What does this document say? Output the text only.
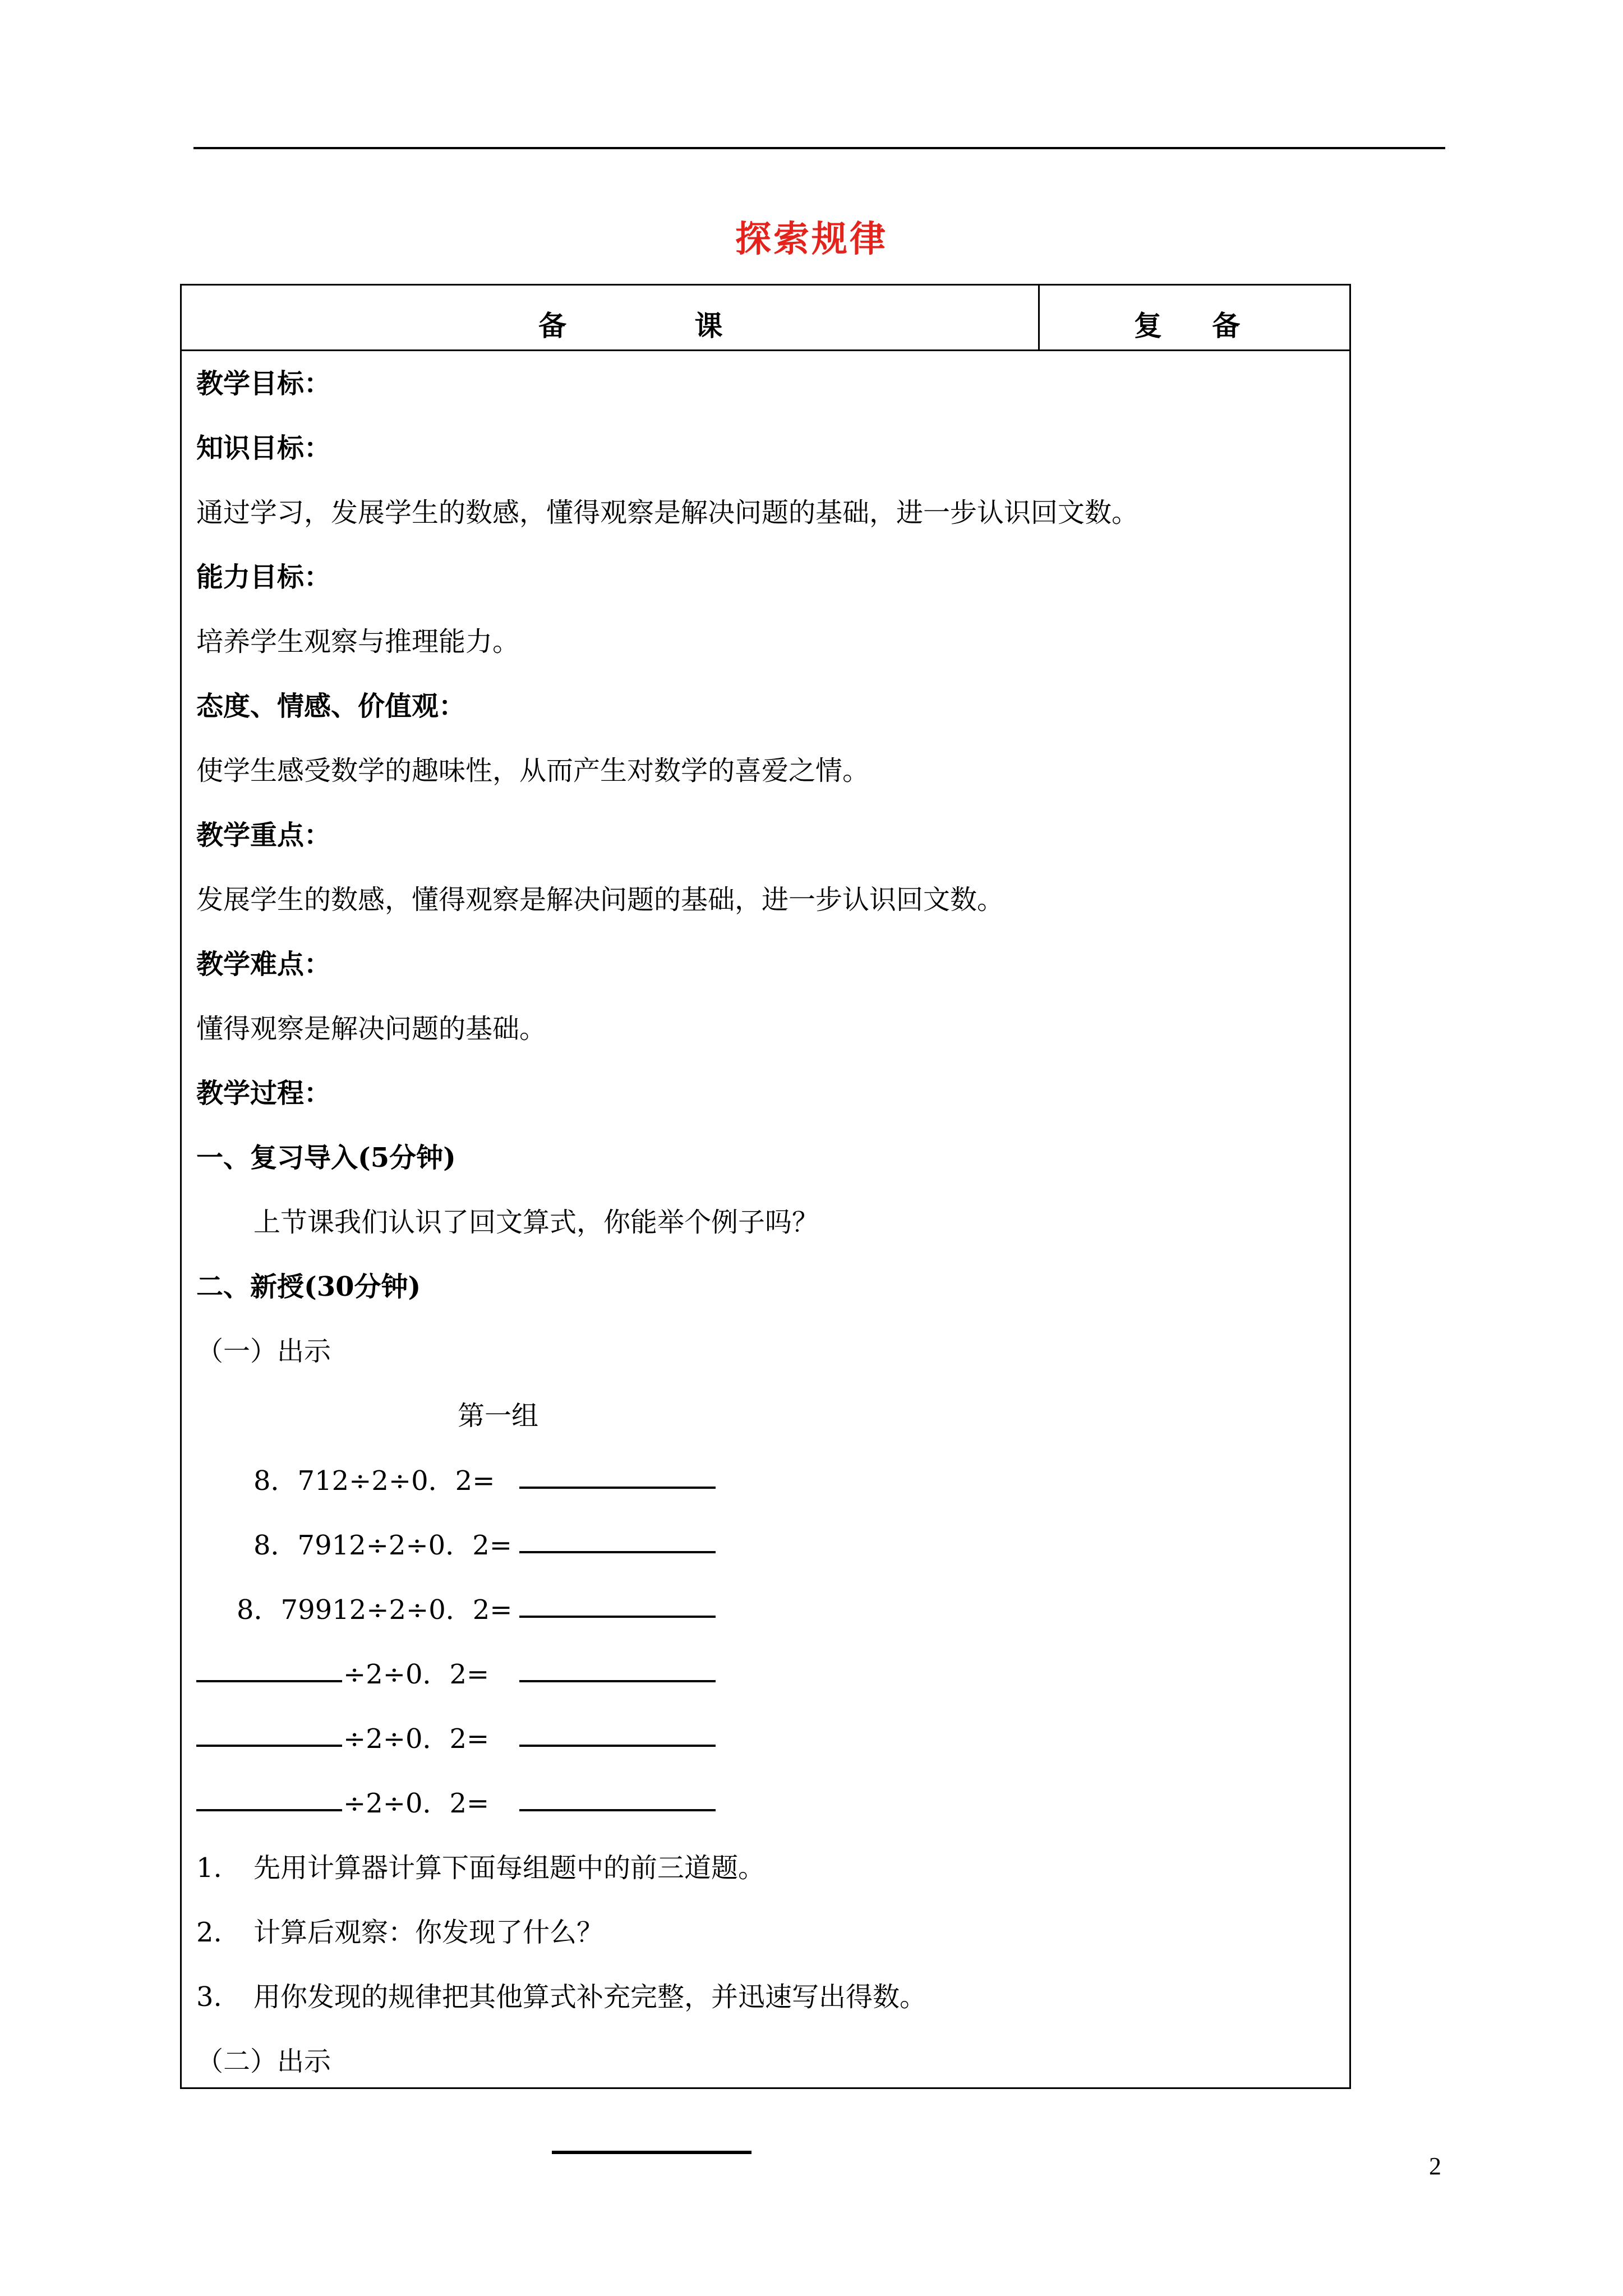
探索规律
备		课	复	备
教学目标：
知识目标：
通过学习，发展学生的数感，懂得观察是解决问题的基础，进一步认识回文数。
能力目标：
培养学生观察与推理能力。
态度、情感、价值观：
使学生感受数学的趣味性，从而产生对数学的喜爱之情。
教学重点：
发展学生的数感，懂得观察是解决问题的基础，进一步认识回文数。
教学难点：
懂得观察是解决问题的基础。
教学过程：
一、复习导入(5分钟)
上节课我们认识了回文算式，你能举个例子吗？
二、新授(30分钟)
（一）出示
第一组
8．712÷2÷0．2=
8．7912÷2÷0．2=
8．79912÷2÷0．2=
÷2÷0．2=
÷2÷0．2=
÷2÷0．2=
1. 先用计算器计算下面每组题中的前三道题。
2. 计算后观察：你发现了什么？
3. 用你发现的规律把其他算式补充完整，并迅速写出得数。
（二）出示
2
